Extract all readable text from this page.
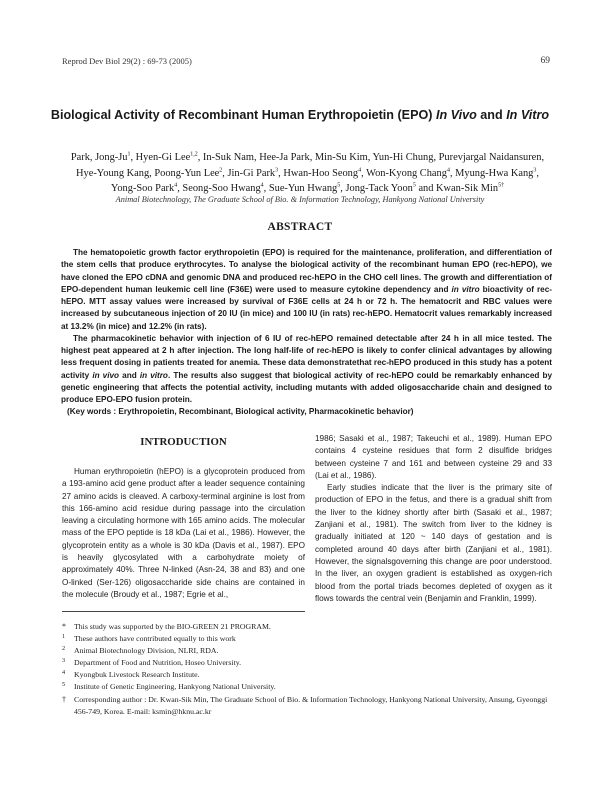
Reprod Dev Biol 29(2) : 69-73 (2005)	69
Biological Activity of Recombinant Human Erythropoietin (EPO) In Vivo and In Vitro
Park, Jong-Ju$^1$, Hyen-Gi Lee$^{1,2}$, In-Suk Nam, Hee-Ja Park, Min-Su Kim, Yun-Hi Chung, Purevjargal Naidansuren,
Hye-Young Kang, Poong-Yun Lee$^2$, Jin-Gi Park$^3$, Hwan-Hoo Seong$^4$, Won-Kyong Chang$^4$, Myung-Hwa Kang$^3$,
Yong-Soo Park$^4$, Seong-Soo Hwang$^4$, Sue-Yun Hwang$^5$, Jong-Tack Yoon$^5$ and Kwan-Sik Min$^{5\dagger}$
Animal Biotechnology, The Graduate School of Bio. & Information Technology, Hankyong National University
ABSTRACT

The hematopoietic growth factor erythropoietin (EPO) is required for the maintenance, proliferation, and differentiation of the stem cells that produce erythrocytes. To analyse the biological activity of the recombinant human EPO (rec-hEPO), we have cloned the EPO cDNA and genomic DNA and produced rec-hEPO in the CHO cell lines. The growth and differentiation of EPO-dependent human leukemic cell line (F36E) were used to measure cytokine dependency and in vitro bioactivity of rec-hEPO. MTT assay values were increased by survival of F36E cells at 24 h or 72 h. The hematocrit and RBC values were increased by subcutaneous injection of 20 IU (in mice) and 100 IU (in rats) rec-hEPO. Hematocrit values remarkably increased at 13.2% (in mice) and 12.2% (in rats).

The pharmacokinetic behavior with injection of 6 IU of rec-hEPO remained detectable after 24 h in all mice tested. The highest peat appeared at 2 h after injection. The long half-life of rec-hEPO is likely to confer clinical advantages by allowing less frequent dosing in patients treated for anemia. These data demonstratethat rec-hEPO produced in this study has a potent activity in vivo and in vitro. The results also suggest that biological activity of rec-hEPO could be remarkably enhanced by genetic engineering that affects the potential activity, including mutants with added oligosaccharide chain and designed to produce EPO-EPO fusion protein.

(Key words : Erythropoietin, Recombinant, Biological activity, Pharmacokinetic behavior)

INTRODUCTION

Human erythropoietin (hEPO) is a glycoprotein produced from a 193-amino acid gene product after a leader sequence containing 27 amino acids is cleaved. A carboxy-terminal arginine is lost from this 166-amino acid residue during passage into the circulation leaving a circulating hormone with 165 amino acids. The molecular mass of the EPO peptide is 18 kDa (Lai et al., 1986). However, the glycoprotein entity as a whole is 30 kDa (Davis et al., 1987). EPO is heavily glycosylated with a carbohydrate moiety of approximately 40%. Three N-linked (Asn-24, 38 and 83) and one O-linked (Ser-126) oligosaccharide side chains are contained in the molecule (Broudy et al., 1987; Egrie et al.,

1986; Sasaki et al., 1987; Takeuchi et al., 1989). Human EPO contains 4 cysteine residues that form 2 disulfide bridges between cysteine 7 and 161 and between cysteine 29 and 33 (Lai et al., 1986).

Early studies indicate that the liver is the primary site of production of EPO in the fetus, and there is a gradual shift from the liver to the kidney shortly after birth (Sasaki et al., 1987; Zanjiani et al., 1981). The switch from liver to the kidney is gradually initiated at 120 ~ 140 days of gestation and is completed around 40 days after birth (Zanjiani et al., 1981). However, the signalsgoverning this change are poor understood. In the liver, an oxygen gradient is established as oxygen-rich blood from the portal triads becomes depleted of oxygen as it flows towards the central vein (Benjamin and Franklin, 1999).

* This study was supported by the BIO-GREEN 21 PROGRAM.
1 These authors have contributed equally to this work
2 Animal Biotechnology Division, NLRI, RDA.
3 Department of Food and Nutrition, Hoseo University.
4 Kyongbuk Livestock Research Institute.
5 Institute of Genetic Engineering, Hankyong National University.
† Corresponding author : Dr. Kwan-Sik Min, The Graduate School of Bio. & Information Technology, Hankyong National University, Ansung, Gyeonggi 456-749, Korea. E-mail: ksmin@hknu.ac.kr
